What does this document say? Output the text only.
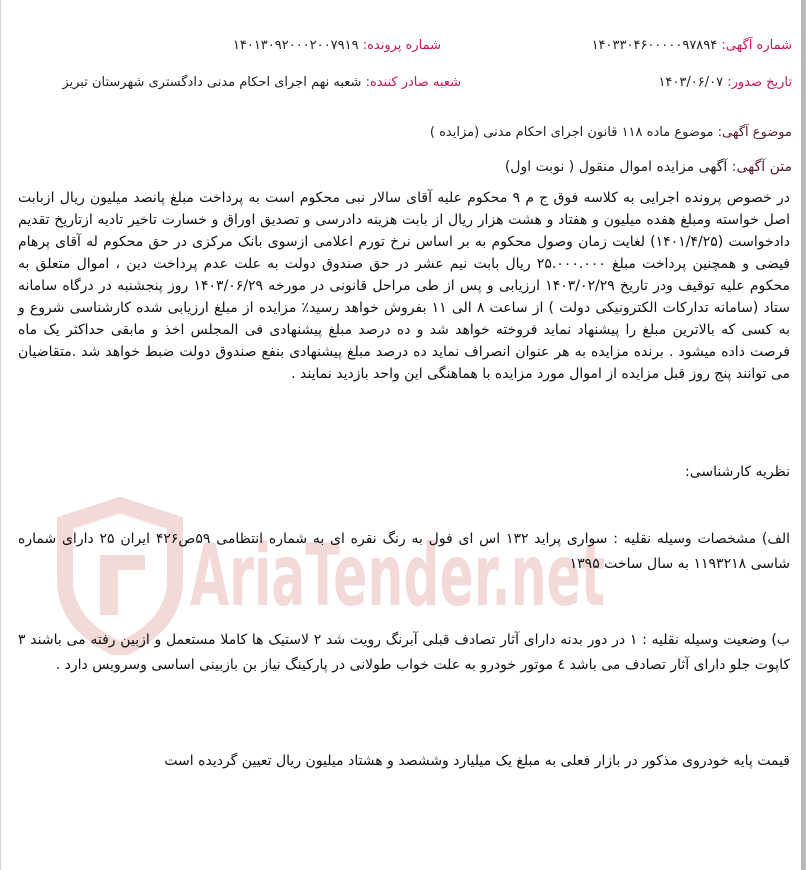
AriaTender.net
شماره آگهی: ۱۴۰۳۳۰۴۶۰۰۰۰۰۹۷۸۹۴
شماره پرونده: ۱۴۰۱۳۰۹۲۰۰۰۲۰۰۷۹۱۹
تاریخ صدور: ۱۴۰۳/۰۶/۰۷
شعبه صادر کننده: شعبه نهم اجرای احکام مدنی دادگستری شهرستان تبریز
موضوع آگهی: موضوع ماده ۱۱۸ قانون اجرای احکام مدنی (مزایده )
متن آگهی: آگهی مزایده اموال منقول ( نوبت اول)
در خصوص پرونده اجرایی به کلاسه فوق ج م ۹ محکوم علیه آقای سالار نبی محکوم است به پرداخت مبلغ پانصد میلیون ریال ازبابت اصل خواسته ومبلغ هفده میلیون و هفتاد و هشت هزار ریال از بابت هزینه دادرسی و تصدیق اوراق و خسارت تاخیر تادیه ازتاریخ تقدیم دادخواست (۱۴۰۱/۴/۲۵) لغایت زمان وصول محکوم به بر اساس نرخ تورم اعلامی ازسوی بانک مرکزی در حق محکوم له آقای پرهام فیضی و همچنین پرداخت مبلغ ۲۵.۰۰۰.۰۰۰ ریال بابت نیم عشر در حق صندوق دولت به علت عدم پرداخت دین ، اموال متعلق به محکوم علیه توقیف ودر تاریخ ۱۴۰۳/۰۲/۲۹ ارزیابی و پس از طی مراحل قانونی در مورخه ۱۴۰۳/۰۶/۲۹ روز پنجشنبه در درگاه سامانه ستاد (سامانه تدارکات الکترونیکی دولت ) از ساعت ۸ الی ۱۱ بفروش خواهد رسید٪ مزایده از مبلغ ارزیابی شده کارشناسی شروع و به کسی که بالاترین مبلغ را پیشنهاد نماید فروخته خواهد شد و ده درصد مبلغ پیشنهادی فی المجلس اخذ و مابقی حداکثر یک ماه فرصت داده میشود . برنده مزایده به هر عنوان انصراف نماید ده درصد مبلغ پیشنهادی بنفع صندوق دولت ضبط خواهد شد .متقاضیان می توانند پنج روز قبل مزایده از اموال مورد مزایده با هماهنگی این واحد بازدید نمایند .
نظریه کارشناسی:
الف) مشخصات وسیله نقلیه : سواری پراید ۱۳۲ اس ای فول به رنگ نقره ای به شماره انتظامی ۵۹ص۴۲۶ ایران ۲۵ دارای شماره شاسی ۱۱۹۳۲۱۸ به سال ساخت ۱۳۹۵
ب) وضعیت وسیله نقلیه : ۱ در دور بدنه دارای آثار تصادف قبلی آبرنگ رویت شد ۲ لاستیک ها کاملا مستعمل و ازبین رفته می باشند ۳ کاپوت جلو دارای آثار تصادف می باشد ٤ موتور خودرو به علت خواب طولانی در پارکینگ نیاز بن بازبینی اساسی وسرویس دارد .
قیمت پایه خودروی مذکور در بازار فعلی به مبلغ یک میلیارد وششصد و هشتاد میلیون ریال تعیین گردیده است
